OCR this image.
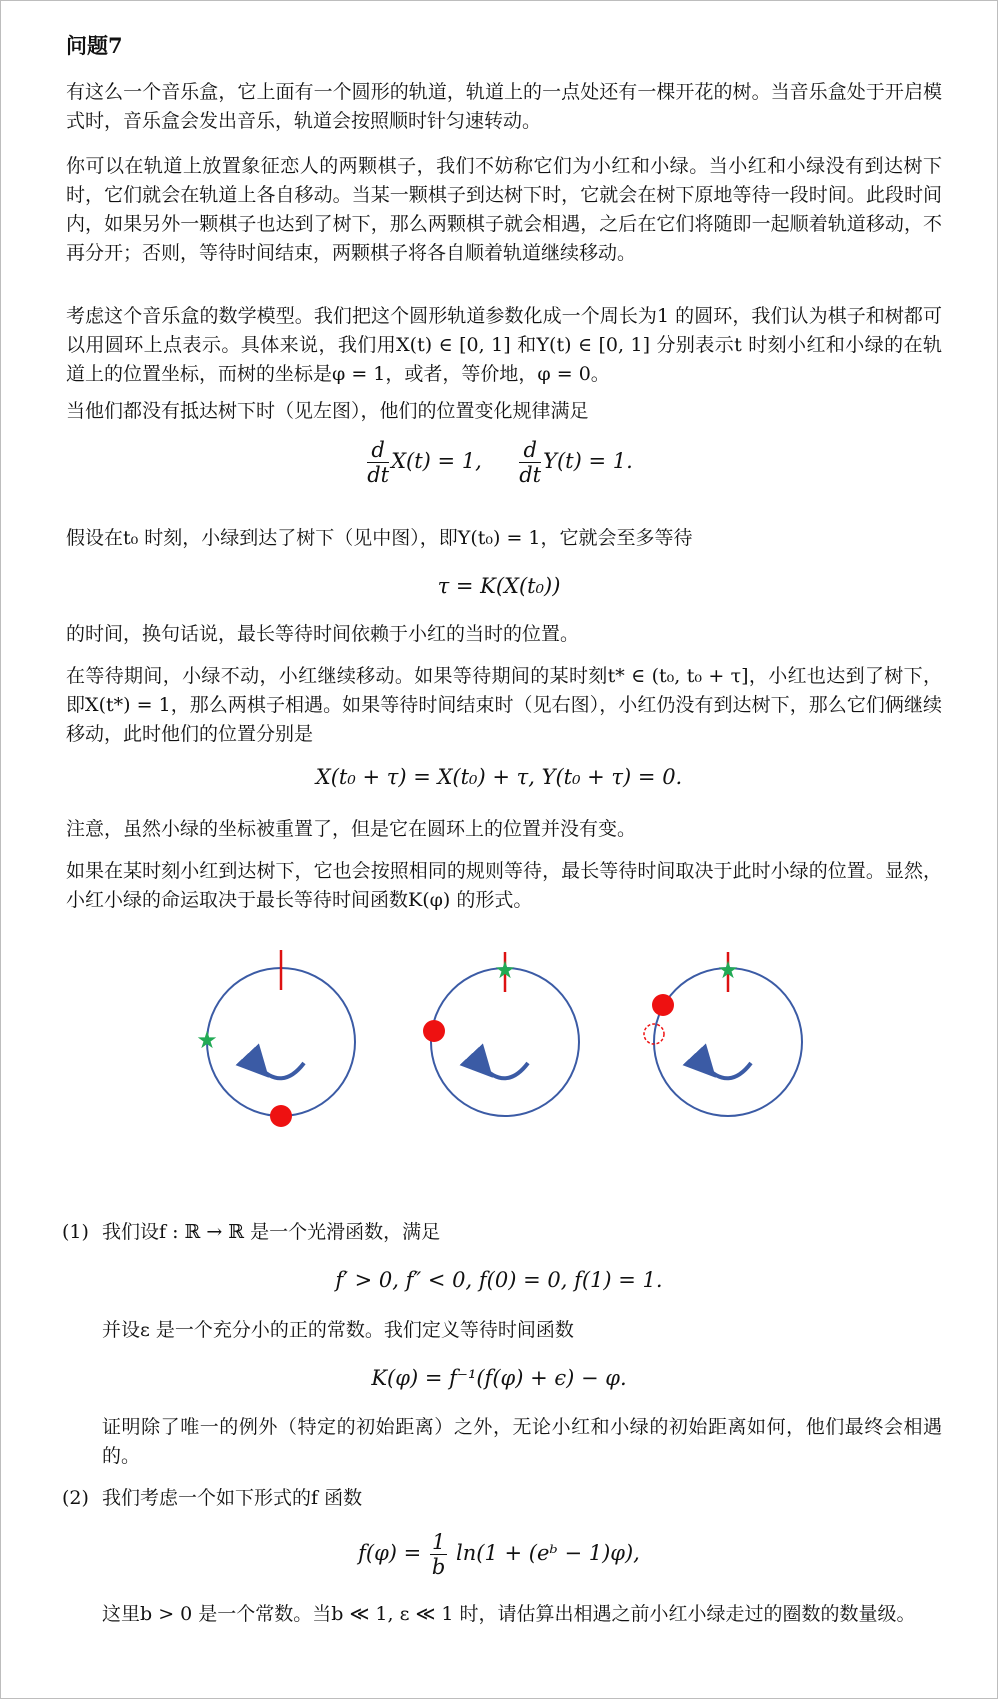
问题7
有这么一个音乐盒，它上面有一个圆形的轨道，轨道上的一点处还有一棵开花的树。当音乐盒处于开启模式时，音乐盒会发出音乐，轨道会按照顺时针匀速转动。
你可以在轨道上放置象征恋人的两颗棋子，我们不妨称它们为小红和小绿。当小红和小绿没有到达树下时，它们就会在轨道上各自移动。当某一颗棋子到达树下时，它就会在树下原地等待一段时间。此段时间内，如果另外一颗棋子也达到了树下，那么两颗棋子就会相遇，之后在它们将随即一起顺着轨道移动，不再分开；否则，等待时间结束，两颗棋子将各自顺着轨道继续移动。
考虑这个音乐盒的数学模型。我们把这个圆形轨道参数化成一个周长为1 的圆环，我们认为棋子和树都可以用圆环上点表示。具体来说，我们用X(t) ∈ [0, 1] 和Y(t) ∈ [0, 1] 分别表示t 时刻小红和小绿的在轨道上的位置坐标，而树的坐标是φ = 1，或者，等价地，φ = 0。
当他们都没有抵达树下时（见左图），他们的位置变化规律满足
$\frac{d}{dt} X(t) = 1$, $\frac{d}{dt} Y(t) = 1$.
假设在t₀ 时刻，小绿到达了树下（见中图），即Y(t₀) = 1，它就会至多等待
τ = K(X(t₀))
的时间，换句话说，最长等待时间依赖于小红的当时的位置。
在等待期间，小绿不动，小红继续移动。如果等待期间的某时刻t* ∈ (t₀, t₀ + τ]，小红也达到了树下，即X(t*) = 1，那么两棋子相遇。如果等待时间结束时（见右图），小红仍没有到达树下，那么它们俩继续移动，此时他们的位置分别是
X(t₀ + τ) = X(t₀) + τ, Y(t₀ + τ) = 0.
注意，虽然小绿的坐标被重置了，但是它在圆环上的位置并没有变。
如果在某时刻小红到达树下，它也会按照相同的规则等待，最长等待时间取决于此时小绿的位置。显然，小红小绿的命运取决于最长等待时间函数K(φ) 的形式。
★
★	★
(1) 我们设f : ℝ → ℝ 是一个光滑函数，满足
f′ > 0, f″ < 0, f(0) = 0, f(1) = 1.
并设ε 是一个充分小的正的常数。我们定义等待时间函数
K(φ) = f⁻¹(f(φ) + ϵ) − φ.
证明除了唯一的例外（特定的初始距离）之外，无论小红和小绿的初始距离如何，他们最终会相遇的。
(2) 我们考虑一个如下形式的f 函数
$f(\varphi) = \frac{1}{b} \ln(1$ + (eᵇ − 1)φ),
这里b > 0 是一个常数。当b ≪ 1, ε ≪ 1 时，请估算出相遇之前小红小绿走过的圈数的数量级。
